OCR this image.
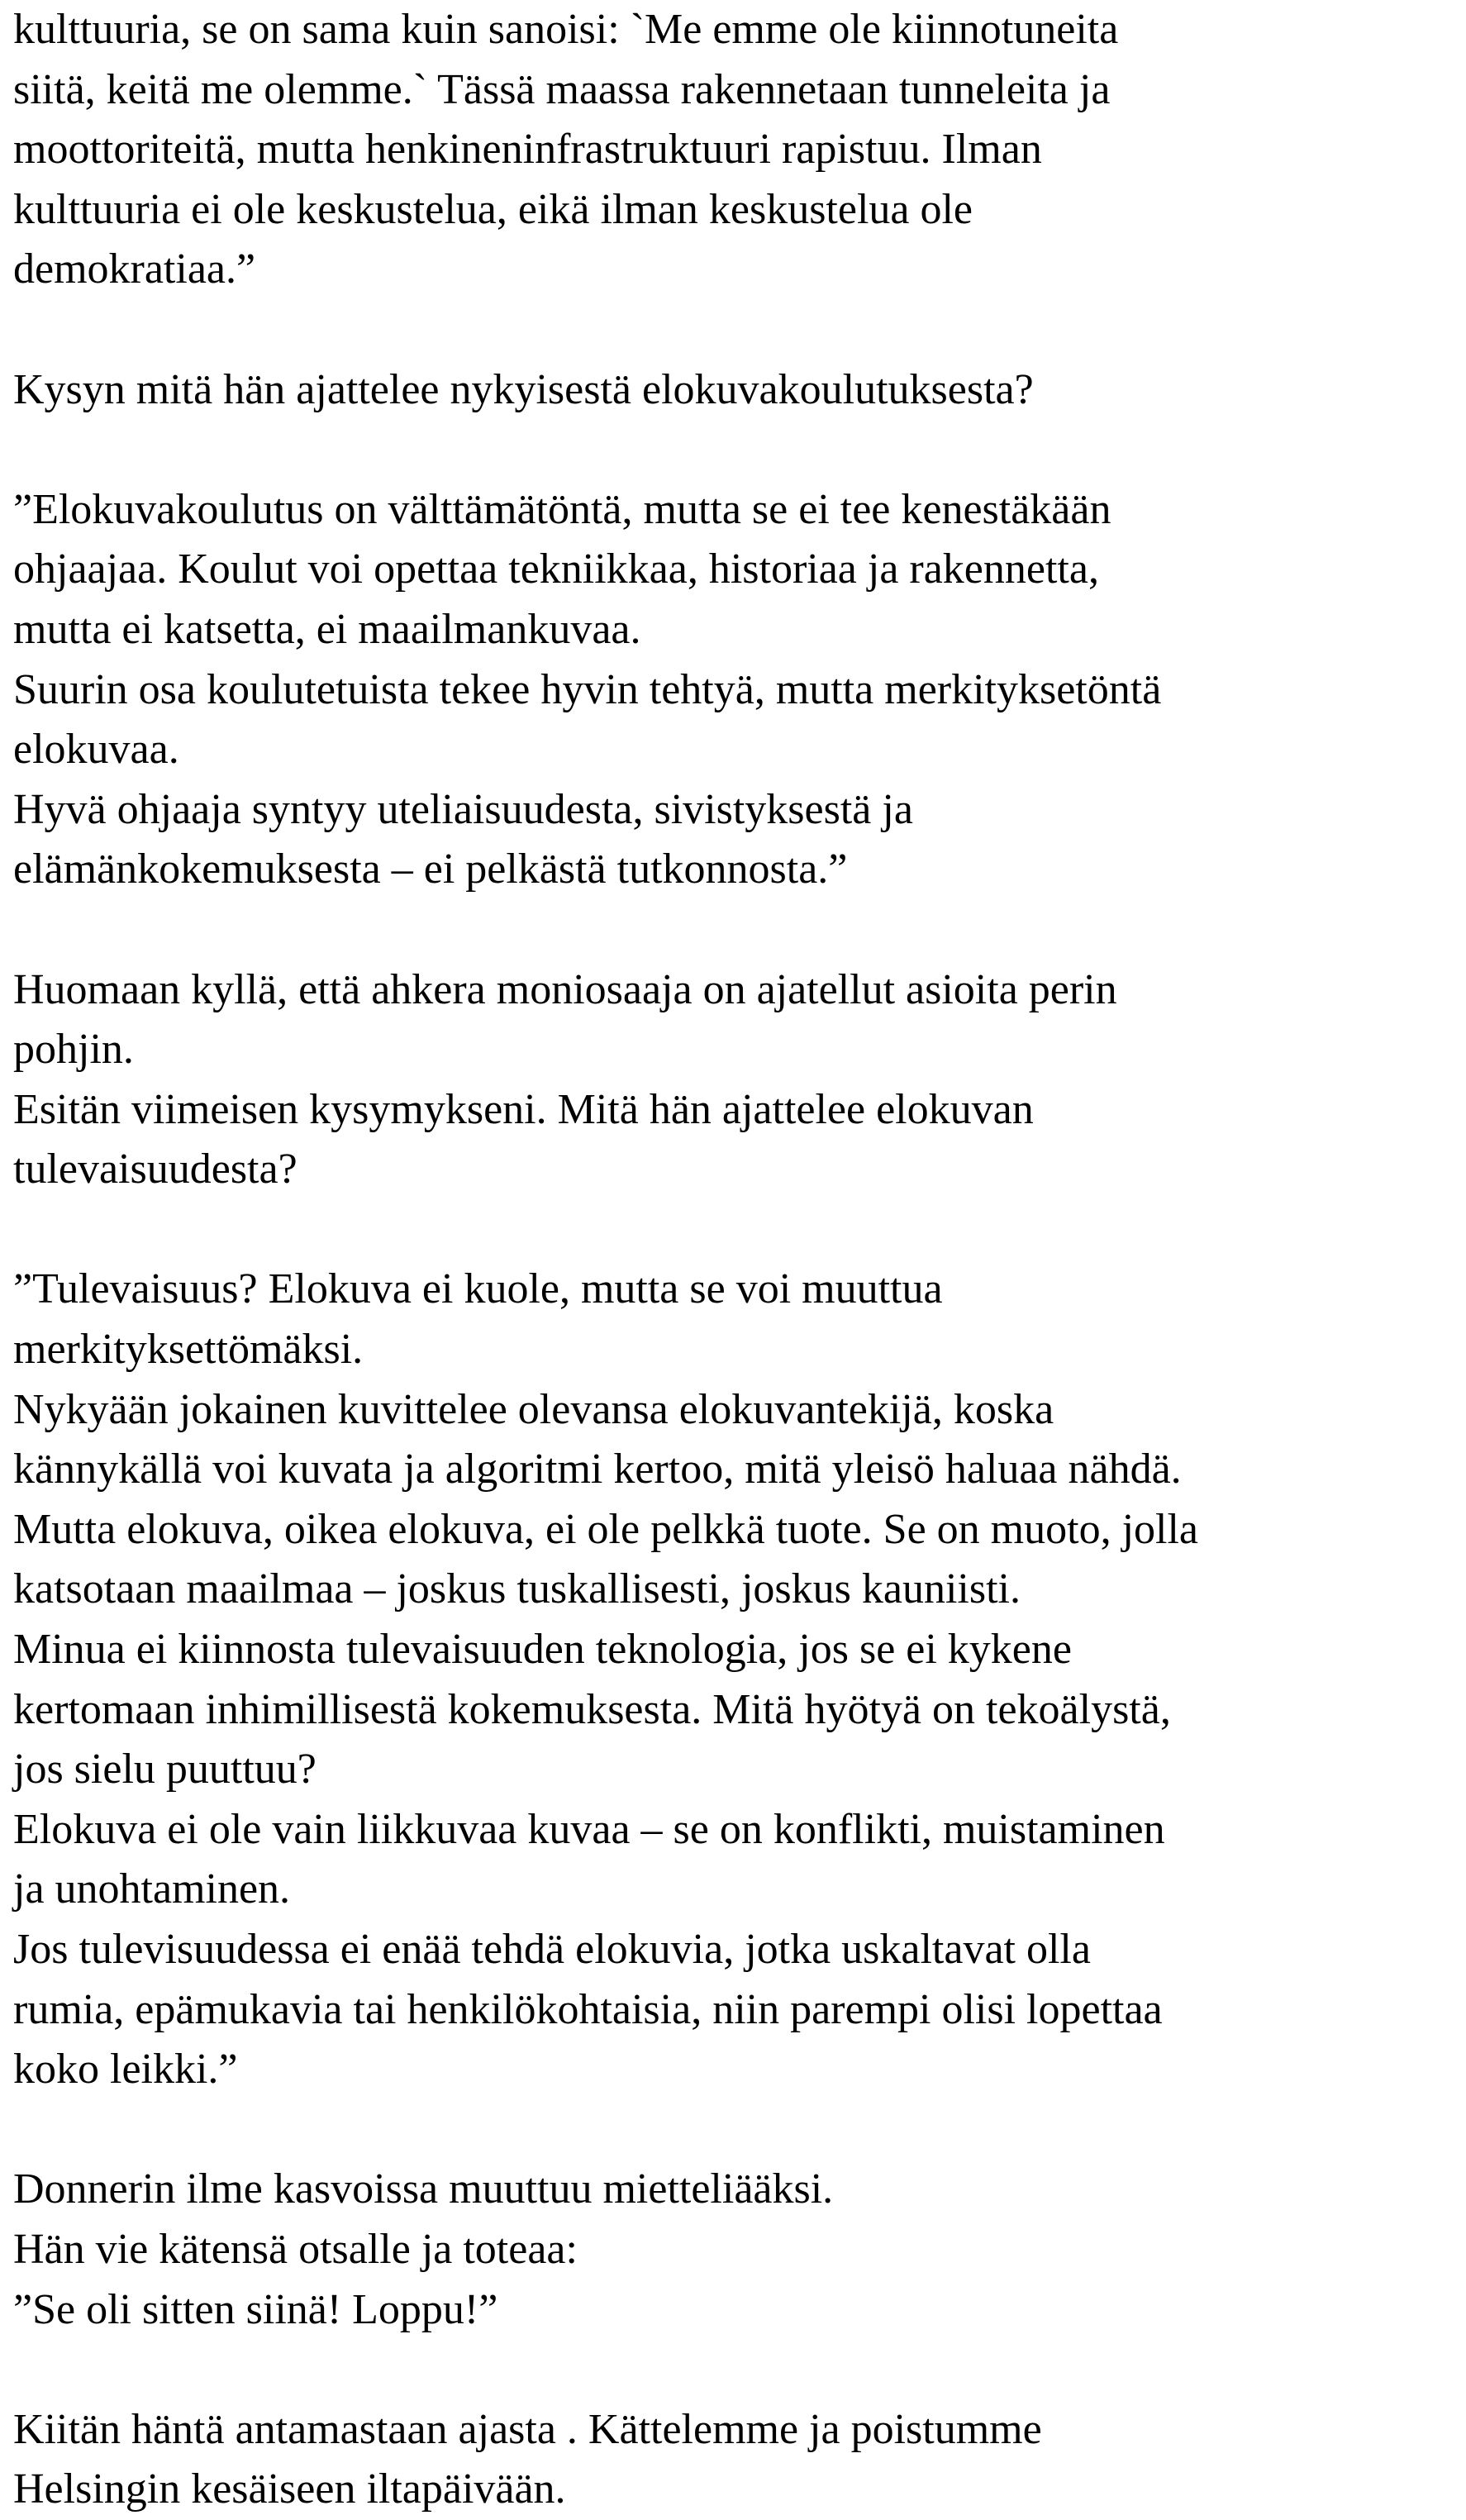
kulttuuria, se on sama kuin sanoisi: `Me emme ole kiinnotuneita
siitä, keitä me olemme.` Tässä maassa rakennetaan tunneleita ja
moottoriteitä, mutta henkineninfrastruktuuri rapistuu. Ilman
kulttuuria ei ole keskustelua, eikä ilman keskustelua ole
demokratiaa.”
Kysyn mitä hän ajattelee nykyisestä elokuvakoulutuksesta?
”Elokuvakoulutus on välttämätöntä, mutta se ei tee kenestäkään
ohjaajaa. Koulut voi opettaa tekniikkaa, historiaa ja rakennetta,
mutta ei katsetta, ei maailmankuvaa.
Suurin osa koulutetuista tekee hyvin tehtyä, mutta merkityksetöntä
elokuvaa.
Hyvä ohjaaja syntyy uteliaisuudesta, sivistyksestä ja
elämänkokemuksesta – ei pelkästä tutkonnosta.”
Huomaan kyllä, että ahkera moniosaaja on ajatellut asioita perin
pohjin.
Esitän viimeisen kysymykseni. Mitä hän ajattelee elokuvan
tulevaisuudesta?
”Tulevaisuus? Elokuva ei kuole, mutta se voi muuttua
merkityksettömäksi.
Nykyään jokainen kuvittelee olevansa elokuvantekijä, koska
kännykällä voi kuvata ja algoritmi kertoo, mitä yleisö haluaa nähdä.
Mutta elokuva, oikea elokuva, ei ole pelkkä tuote. Se on muoto, jolla
katsotaan maailmaa – joskus tuskallisesti, joskus kauniisti.
Minua ei kiinnosta tulevaisuuden teknologia, jos se ei kykene
kertomaan inhimillisestä kokemuksesta. Mitä hyötyä on tekoälystä,
jos sielu puuttuu?
Elokuva ei ole vain liikkuvaa kuvaa – se on konflikti, muistaminen
ja unohtaminen.
Jos tulevisuudessa ei enää tehdä elokuvia, jotka uskaltavat olla
rumia, epämukavia tai henkilökohtaisia, niin parempi olisi lopettaa
koko leikki.”
Donnerin ilme kasvoissa muuttuu mietteliääksi.
Hän vie kätensä otsalle ja toteaa:
”Se oli sitten siinä! Loppu!”
Kiitän häntä antamastaan ajasta . Kättelemme ja poistumme
Helsingin kesäiseen iltapäivään.
